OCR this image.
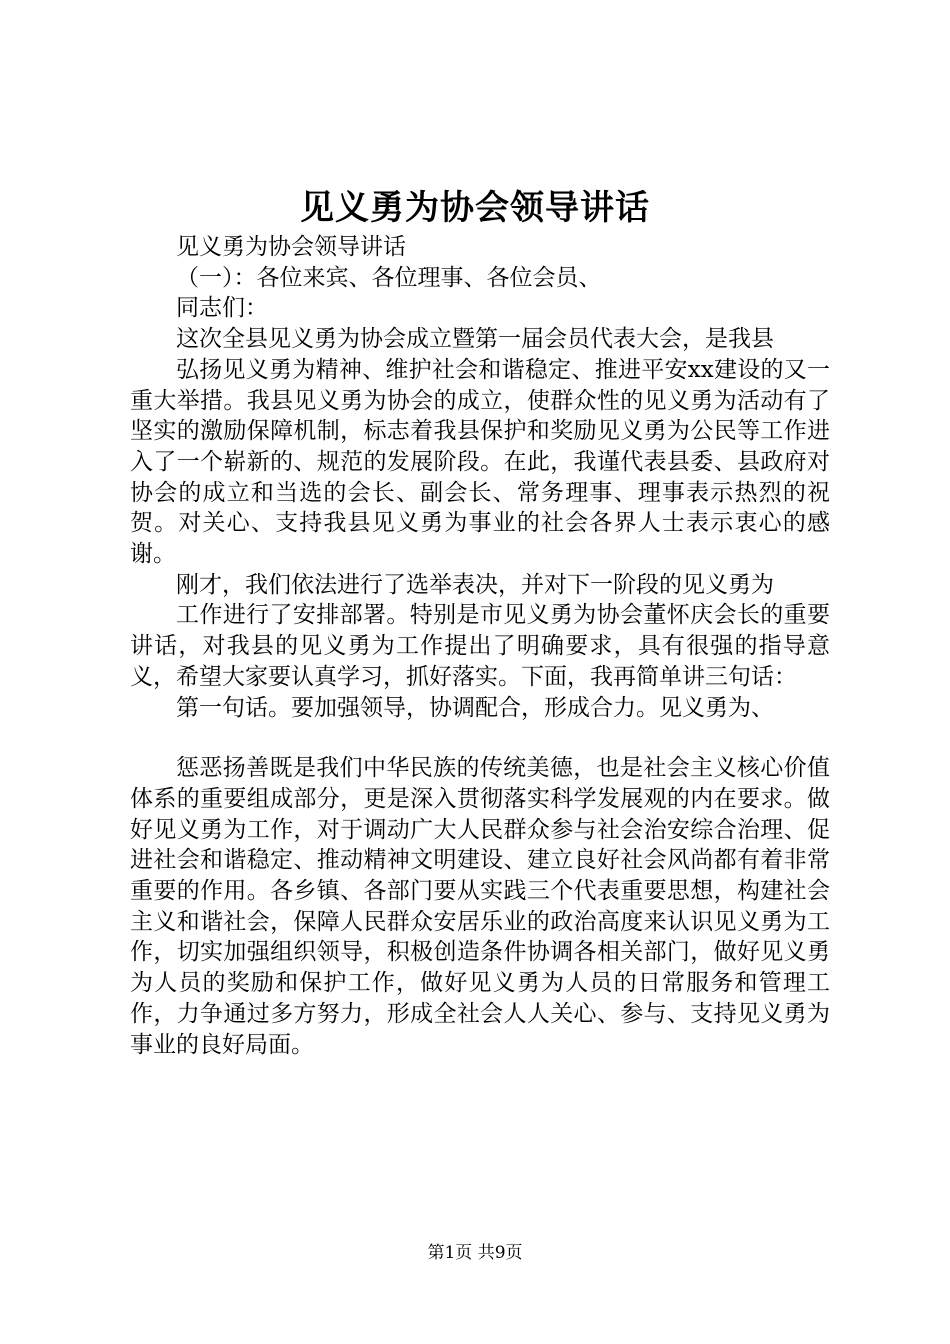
见义勇为协会领导讲话

见义勇为协会领导讲话

（一）：各位来宾、各位理事、各位会员、

同志们：

这次全县见义勇为协会成立暨第一届会员代表大会，是我县

弘扬见义勇为精神、维护社会和谐稳定、推进平安xx建设的又一重大举措。我县见义勇为协会的成立，使群众性的见义勇为活动有了坚实的激励保障机制，标志着我县保护和奖励见义勇为公民等工作进入了一个崭新的、规范的发展阶段。在此，我谨代表县委、县政府对协会的成立和当选的会长、副会长、常务理事、理事表示热烈的祝贺。对关心、支持我县见义勇为事业的社会各界人士表示衷心的感谢。

刚才，我们依法进行了选举表决，并对下一阶段的见义勇为

工作进行了安排部署。特别是市见义勇为协会董怀庆会长的重要讲话，对我县的见义勇为工作提出了明确要求，具有很强的指导意义，希望大家要认真学习，抓好落实。下面，我再简单讲三句话：

第一句话。要加强领导，协调配合，形成合力。见义勇为、

惩恶扬善既是我们中华民族的传统美德，也是社会主义核心价值体系的重要组成部分，更是深入贯彻落实科学发展观的内在要求。做好见义勇为工作，对于调动广大人民群众参与社会治安综合治理、促进社会和谐稳定、推动精神文明建设、建立良好社会风尚都有着非常重要的作用。各乡镇、各部门要从实践三个代表重要思想，构建社会主义和谐社会，保障人民群众安居乐业的政治高度来认识见义勇为工作，切实加强组织领导，积极创造条件协调各相关部门，做好见义勇为人员的奖励和保护工作，做好见义勇为人员的日常服务和管理工作，力争通过多方努力，形成全社会人人关心、参与、支持见义勇为事业的良好局面。

第1页 共9页
